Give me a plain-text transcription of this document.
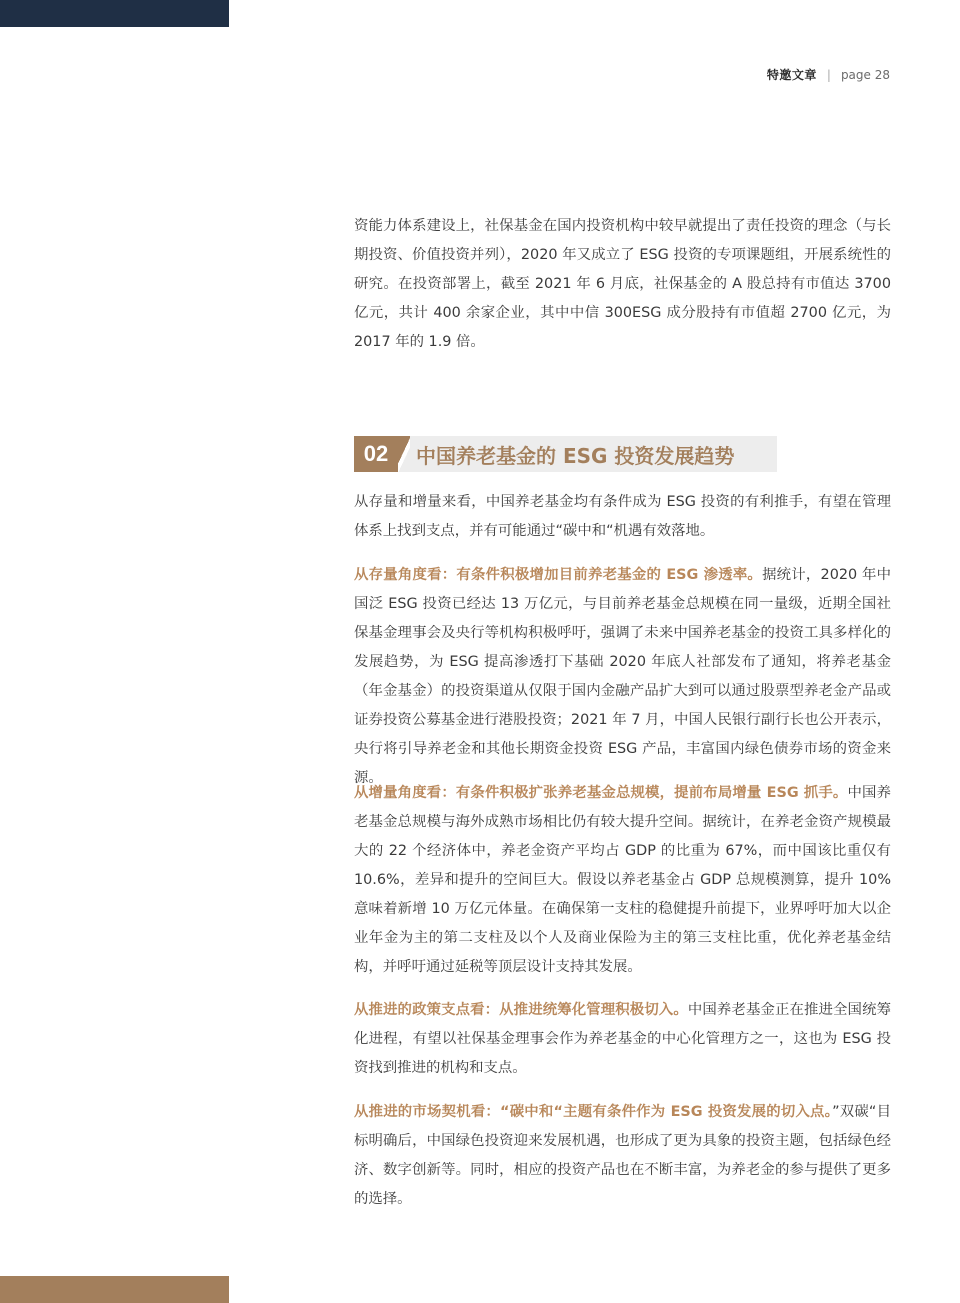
特邀文章 | page 28

资能力体系建设上，社保基金在国内投资机构中较早就提出了责任投资的理念（与长期投资、价值投资并列），2020 年又成立了 ESG 投资的专项课题组，开展系统性的研究。在投资部署上，截至 2021 年 6 月底，社保基金的 A 股总持有市值达 3700 亿元，共计 400 余家企业，其中中信 300ESG 成分股持有市值超 2700 亿元，为 2017 年的 1.9 倍。

02	中国养老基金的 ESG 投资发展趋势

从存量和增量来看，中国养老基金均有条件成为 ESG 投资的有利推手，有望在管理体系上找到支点，并有可能通过“碳中和“机遇有效落地。

从存量角度看：有条件积极增加目前养老基金的 ESG 渗透率。据统计，2020 年中国泛 ESG 投资已经达 13 万亿元，与目前养老基金总规模在同一量级，近期全国社保基金理事会及央行等机构积极呼吁，强调了未来中国养老基金的投资工具多样化的发展趋势，为 ESG 提高渗透打下基础 2020 年底人社部发布了通知，将养老基金（年金基金）的投资渠道从仅限于国内金融产品扩大到可以通过股票型养老金产品或证券投资公募基金进行港股投资；2021 年 7 月，中国人民银行副行长也公开表示，央行将引导养老金和其他长期资金投资 ESG 产品，丰富国内绿色债券市场的资金来源。

从增量角度看：有条件积极扩张养老基金总规模，提前布局增量 ESG 抓手。中国养老基金总规模与海外成熟市场相比仍有较大提升空间。据统计，在养老金资产规模最大的 22 个经济体中，养老金资产平均占 GDP 的比重为 67%，而中国该比重仅有 10.6%，差异和提升的空间巨大。假设以养老基金占 GDP 总规模测算，提升 10% 意味着新增 10 万亿元体量。在确保第一支柱的稳健提升前提下，业界呼吁加大以企业年金为主的第二支柱及以个人及商业保险为主的第三支柱比重，优化养老基金结构，并呼吁通过延税等顶层设计支持其发展。

从推进的政策支点看：从推进统筹化管理积极切入。中国养老基金正在推进全国统筹化进程，有望以社保基金理事会作为养老基金的中心化管理方之一，这也为 ESG 投资找到推进的机构和支点。

从推进的市场契机看：“碳中和“主题有条件作为 ESG 投资发展的切入点。”双碳“目标明确后，中国绿色投资迎来发展机遇，也形成了更为具象的投资主题，包括绿色经济、数字创新等。同时，相应的投资产品也在不断丰富，为养老金的参与提供了更多的选择。
